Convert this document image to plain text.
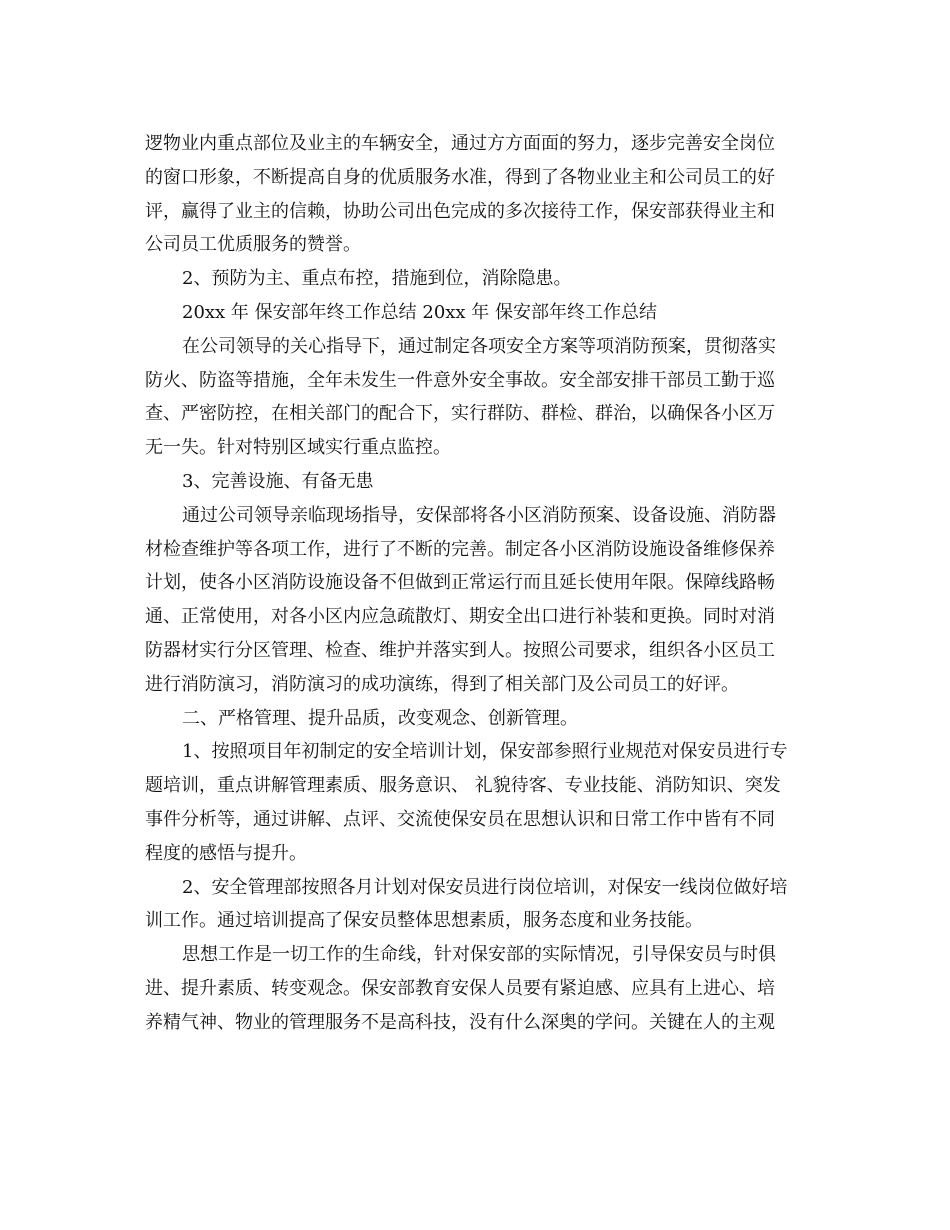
逻物业内重点部位及业主的车辆安全，通过方方面面的努力，逐步完善安全岗位
的窗口形象，不断提高自身的优质服务水准，得到了各物业业主和公司员工的好
评，赢得了业主的信赖，协助公司出色完成的多次接待工作，保安部获得业主和
公司员工优质服务的赞誉。
2、预防为主、重点布控，措施到位，消除隐患。
20xx 年 保安部年终工作总结 20xx 年 保安部年终工作总结
在公司领导的关心指导下，通过制定各项安全方案等项消防预案，贯彻落实
防火、防盗等措施，全年未发生一件意外安全事故。安全部安排干部员工勤于巡
查、严密防控，在相关部门的配合下，实行群防、群检、群治，以确保各小区万
无一失。针对特别区域实行重点监控。
3、完善设施、有备无患
通过公司领导亲临现场指导，安保部将各小区消防预案、设备设施、消防器
材检查维护等各项工作，进行了不断的完善。制定各小区消防设施设备维修保养
计划，使各小区消防设施设备不但做到正常运行而且延长使用年限。保障线路畅
通、正常使用，对各小区内应急疏散灯、期安全出口进行补装和更换。同时对消
防器材实行分区管理、检查、维护并落实到人。按照公司要求，组织各小区员工
进行消防演习，消防演习的成功演练，得到了相关部门及公司员工的好评。
二、严格管理、提升品质，改变观念、创新管理。
1、按照项目年初制定的安全培训计划，保安部参照行业规范对保安员进行专
题培训，重点讲解管理素质、服务意识、 礼貌待客、专业技能、消防知识、突发
事件分析等，通过讲解、点评、交流使保安员在思想认识和日常工作中皆有不同
程度的感悟与提升。
2、安全管理部按照各月计划对保安员进行岗位培训，对保安一线岗位做好培
训工作。通过培训提高了保安员整体思想素质，服务态度和业务技能。
思想工作是一切工作的生命线，针对保安部的实际情况，引导保安员与时俱
进、提升素质、转变观念。保安部教育安保人员要有紧迫感、应具有上进心、培
养精气神、物业的管理服务不是高科技，没有什么深奥的学问。关键在人的主观
